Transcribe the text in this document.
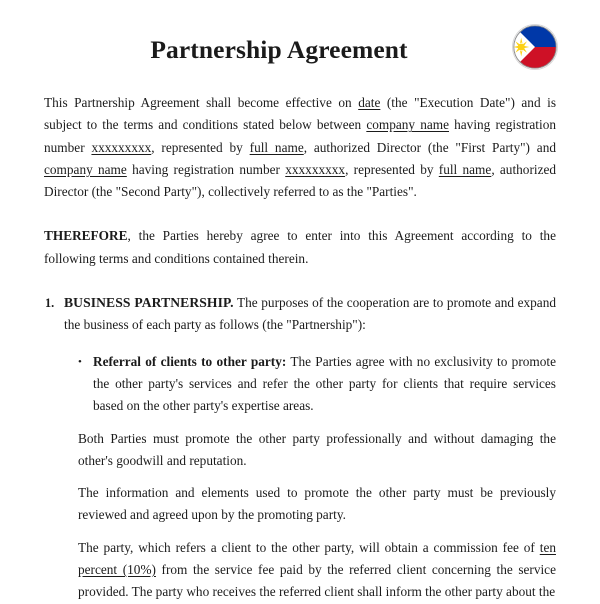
Partnership Agreement

This Partnership Agreement shall become effective on date (the "Execution Date") and is subject to the terms and conditions stated below between company name having registration number xxxxxxxxx, represented by full name, authorized Director (the "First Party") and company name having registration number xxxxxxxxx, represented by full name, authorized Director (the "Second Party"), collectively referred to as the "Parties".

THEREFORE, the Parties hereby agree to enter into this Agreement according to the following terms and conditions contained therein.

1. BUSINESS PARTNERSHIP. The purposes of the cooperation are to promote and expand the business of each party as follows (the "Partnership"):
• Referral of clients to other party: The Parties agree with no exclusivity to promote the other party's services and refer the other party for clients that require services based on the other party's expertise areas.

Both Parties must promote the other party professionally and without damaging the other's goodwill and reputation.

The information and elements used to promote the other party must be previously reviewed and agreed upon by the promoting party.

The party, which refers a client to the other party, will obtain a commission fee of ten percent (10%) from the service fee paid by the referred client concerning the service provided. The party who receives the referred client shall inform the other party about the
